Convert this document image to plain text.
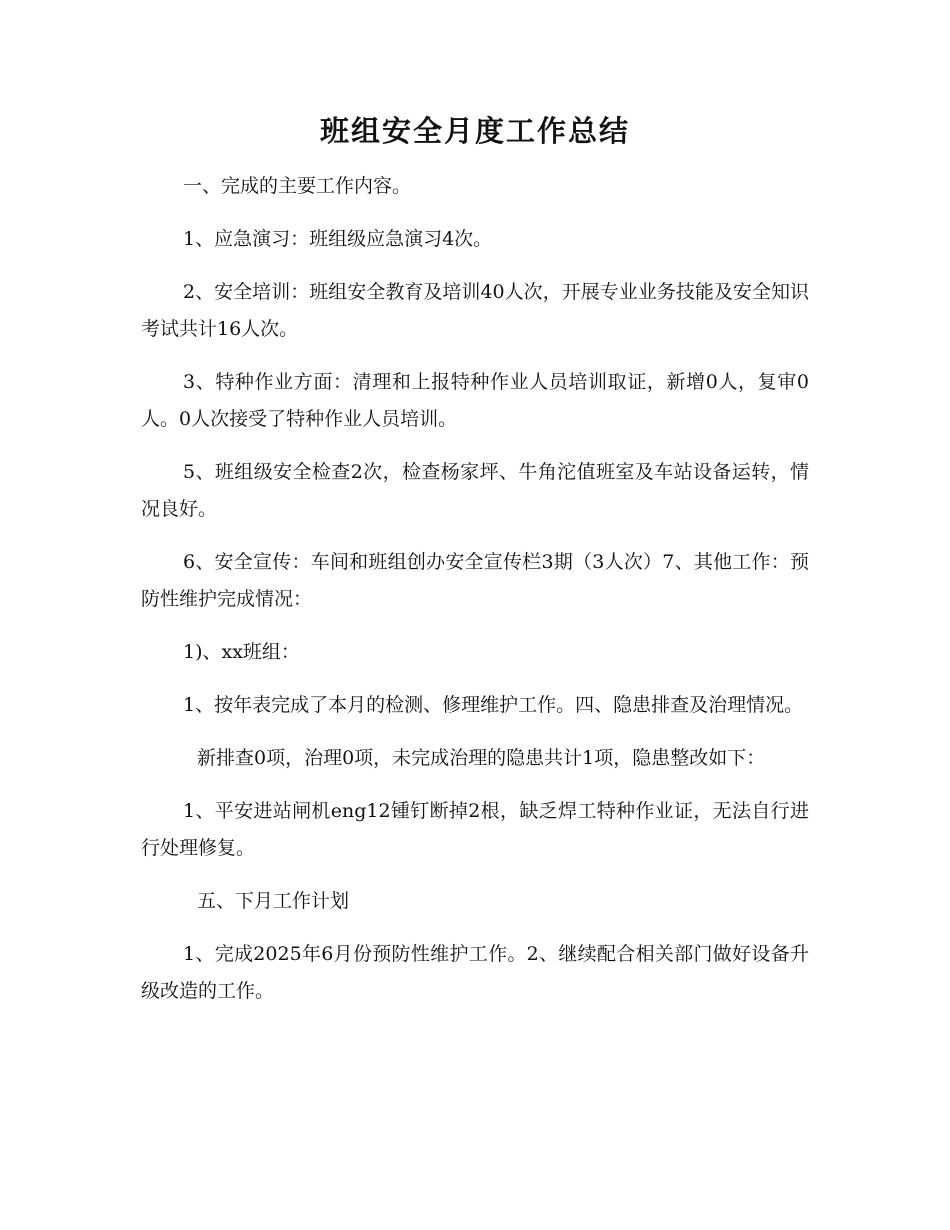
班组安全月度工作总结

一、完成的主要工作内容。

1、应急演习：班组级应急演习4次。

2、安全培训：班组安全教育及培训40人次，开展专业业务技能及安全知识考试共计16人次。

3、特种作业方面：清理和上报特种作业人员培训取证，新增0人，复审0人。0人次接受了特种作业人员培训。

5、班组级安全检查2次，检查杨家坪、牛角沱值班室及车站设备运转，情况良好。

6、安全宣传：车间和班组创办安全宣传栏3期（3人次）7、其他工作：预防性维护完成情况：

1)、xx班组：

1、按年表完成了本月的检测、修理维护工作。四、隐患排查及治理情况。

新排查0项，治理0项，未完成治理的隐患共计1项，隐患整改如下：

1、平安进站闸机eng12锺钉断掉2根，缺乏焊工特种作业证，无法自行进行处理修复。

五、下月工作计划

1、完成2025年6月份预防性维护工作。2、继续配合相关部门做好设备升级改造的工作。
